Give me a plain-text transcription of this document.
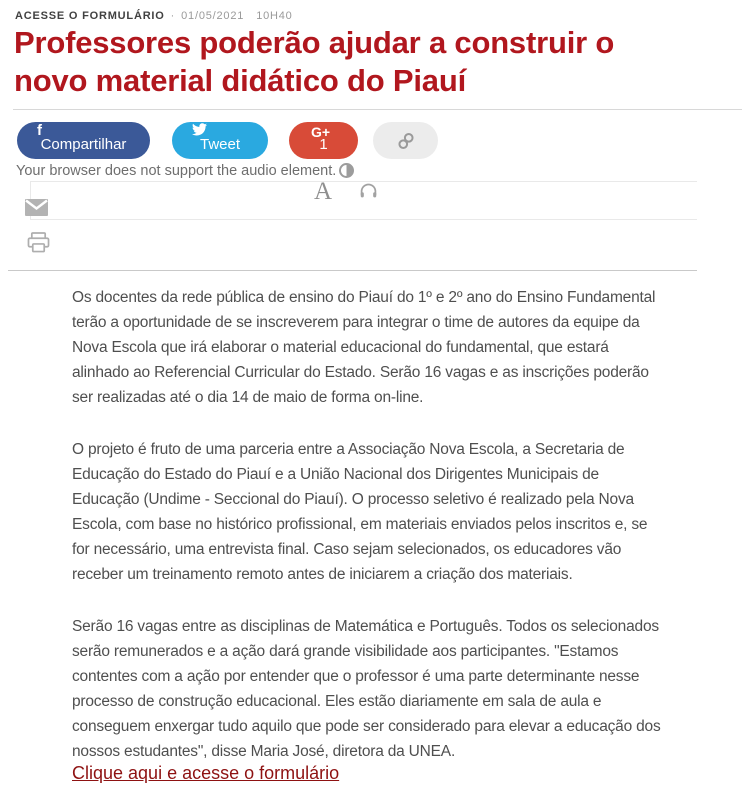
ACESSE O FORMULÁRIO · 01/05/2021 10H40
Professores poderão ajudar a construir o
novo material didático do Piauí
f
Compartilhar	Tweet
G+
1
Your browser does not support the audio element.
A

Os docentes da rede pública de ensino do Piauí do 1º e 2º ano do Ensino Fundamental terão a oportunidade de se inscreverem para integrar o time de autores da equipe da Nova Escola que irá elaborar o material educacional do fundamental, que estará alinhado ao Referencial Curricular do Estado. Serão 16 vagas e as inscrições poderão ser realizadas até o dia 14 de maio de forma on-line.

O projeto é fruto de uma parceria entre a Associação Nova Escola, a Secretaria de Educação do Estado do Piauí e a União Nacional dos Dirigentes Municipais de Educação (Undime - Seccional do Piauí). O processo seletivo é realizado pela Nova Escola, com base no histórico profissional, em materiais enviados pelos inscritos e, se for necessário, uma entrevista final. Caso sejam selecionados, os educadores vão receber um treinamento remoto antes de iniciarem a criação dos materiais.

Serão 16 vagas entre as disciplinas de Matemática e Português. Todos os selecionados serão remunerados e a ação dará grande visibilidade aos participantes. "Estamos contentes com a ação por entender que o professor é uma parte determinante nesse processo de construção educacional. Eles estão diariamente em sala de aula e conseguem enxergar tudo aquilo que pode ser considerado para elevar a educação dos nossos estudantes", disse Maria José, diretora da UNEA.

Clique aqui e acesse o formulário
